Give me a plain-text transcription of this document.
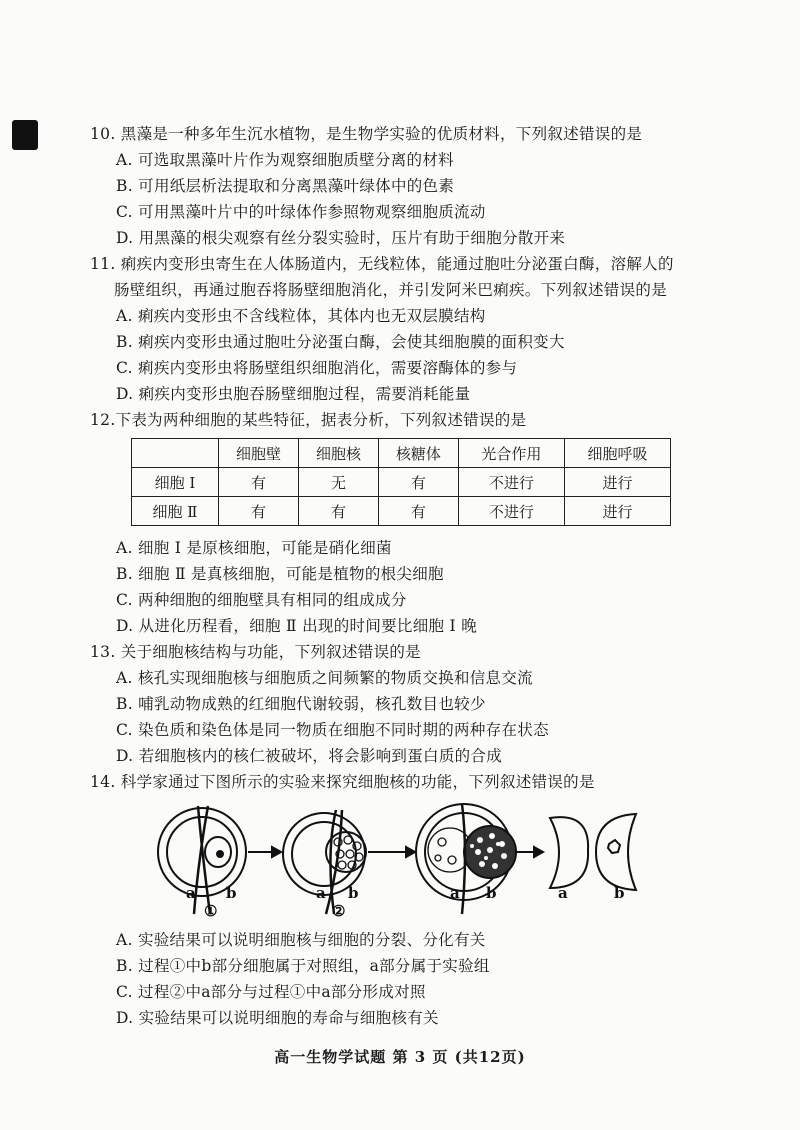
10. 黑藻是一种多年生沉水植物，是生物学实验的优质材料，下列叙述错误的是
A. 可选取黑藻叶片作为观察细胞质壁分离的材料
B. 可用纸层析法提取和分离黑藻叶绿体中的色素
C. 可用黑藻叶片中的叶绿体作参照物观察细胞质流动
D. 用黑藻的根尖观察有丝分裂实验时，压片有助于细胞分散开来
11. 痢疾内变形虫寄生在人体肠道内，无线粒体，能通过胞吐分泌蛋白酶，溶解人的
肠壁组织，再通过胞吞将肠壁细胞消化，并引发阿米巴痢疾。下列叙述错误的是
A. 痢疾内变形虫不含线粒体，其体内也无双层膜结构
B. 痢疾内变形虫通过胞吐分泌蛋白酶，会使其细胞膜的面积变大
C. 痢疾内变形虫将肠壁组织细胞消化，需要溶酶体的参与
D. 痢疾内变形虫胞吞肠壁细胞过程，需要消耗能量
12.下表为两种细胞的某些特征，据表分析，下列叙述错误的是
	细胞壁	细胞核	核糖体	光合作用	细胞呼吸
细胞 Ⅰ	有	无	有	不进行	进行
细胞 Ⅱ	有	有	有	不进行	进行
A. 细胞 Ⅰ 是原核细胞，可能是硝化细菌
B. 细胞 Ⅱ 是真核细胞，可能是植物的根尖细胞
C. 两种细胞的细胞壁具有相同的组成成分
D. 从进化历程看，细胞 Ⅱ 出现的时间要比细胞 Ⅰ 晚
13. 关于细胞核结构与功能，下列叙述错误的是
A. 核孔实现细胞核与细胞质之间频繁的物质交换和信息交流
B. 哺乳动物成熟的红细胞代谢较弱，核孔数目也较少
C. 染色质和染色体是同一物质在细胞不同时期的两种存在状态
D. 若细胞核内的核仁被破坏，将会影响到蛋白质的合成
14. 科学家通过下图所示的实验来探究细胞核的功能，下列叙述错误的是
a b
①
a b
②
a b	a	b
A. 实验结果可以说明细胞核与细胞的分裂、分化有关
B. 过程①中b部分细胞属于对照组，a部分属于实验组
C. 过程②中a部分与过程①中a部分形成对照
D. 实验结果可以说明细胞的寿命与细胞核有关
高一生物学试题 第 3 页 (共12页)
